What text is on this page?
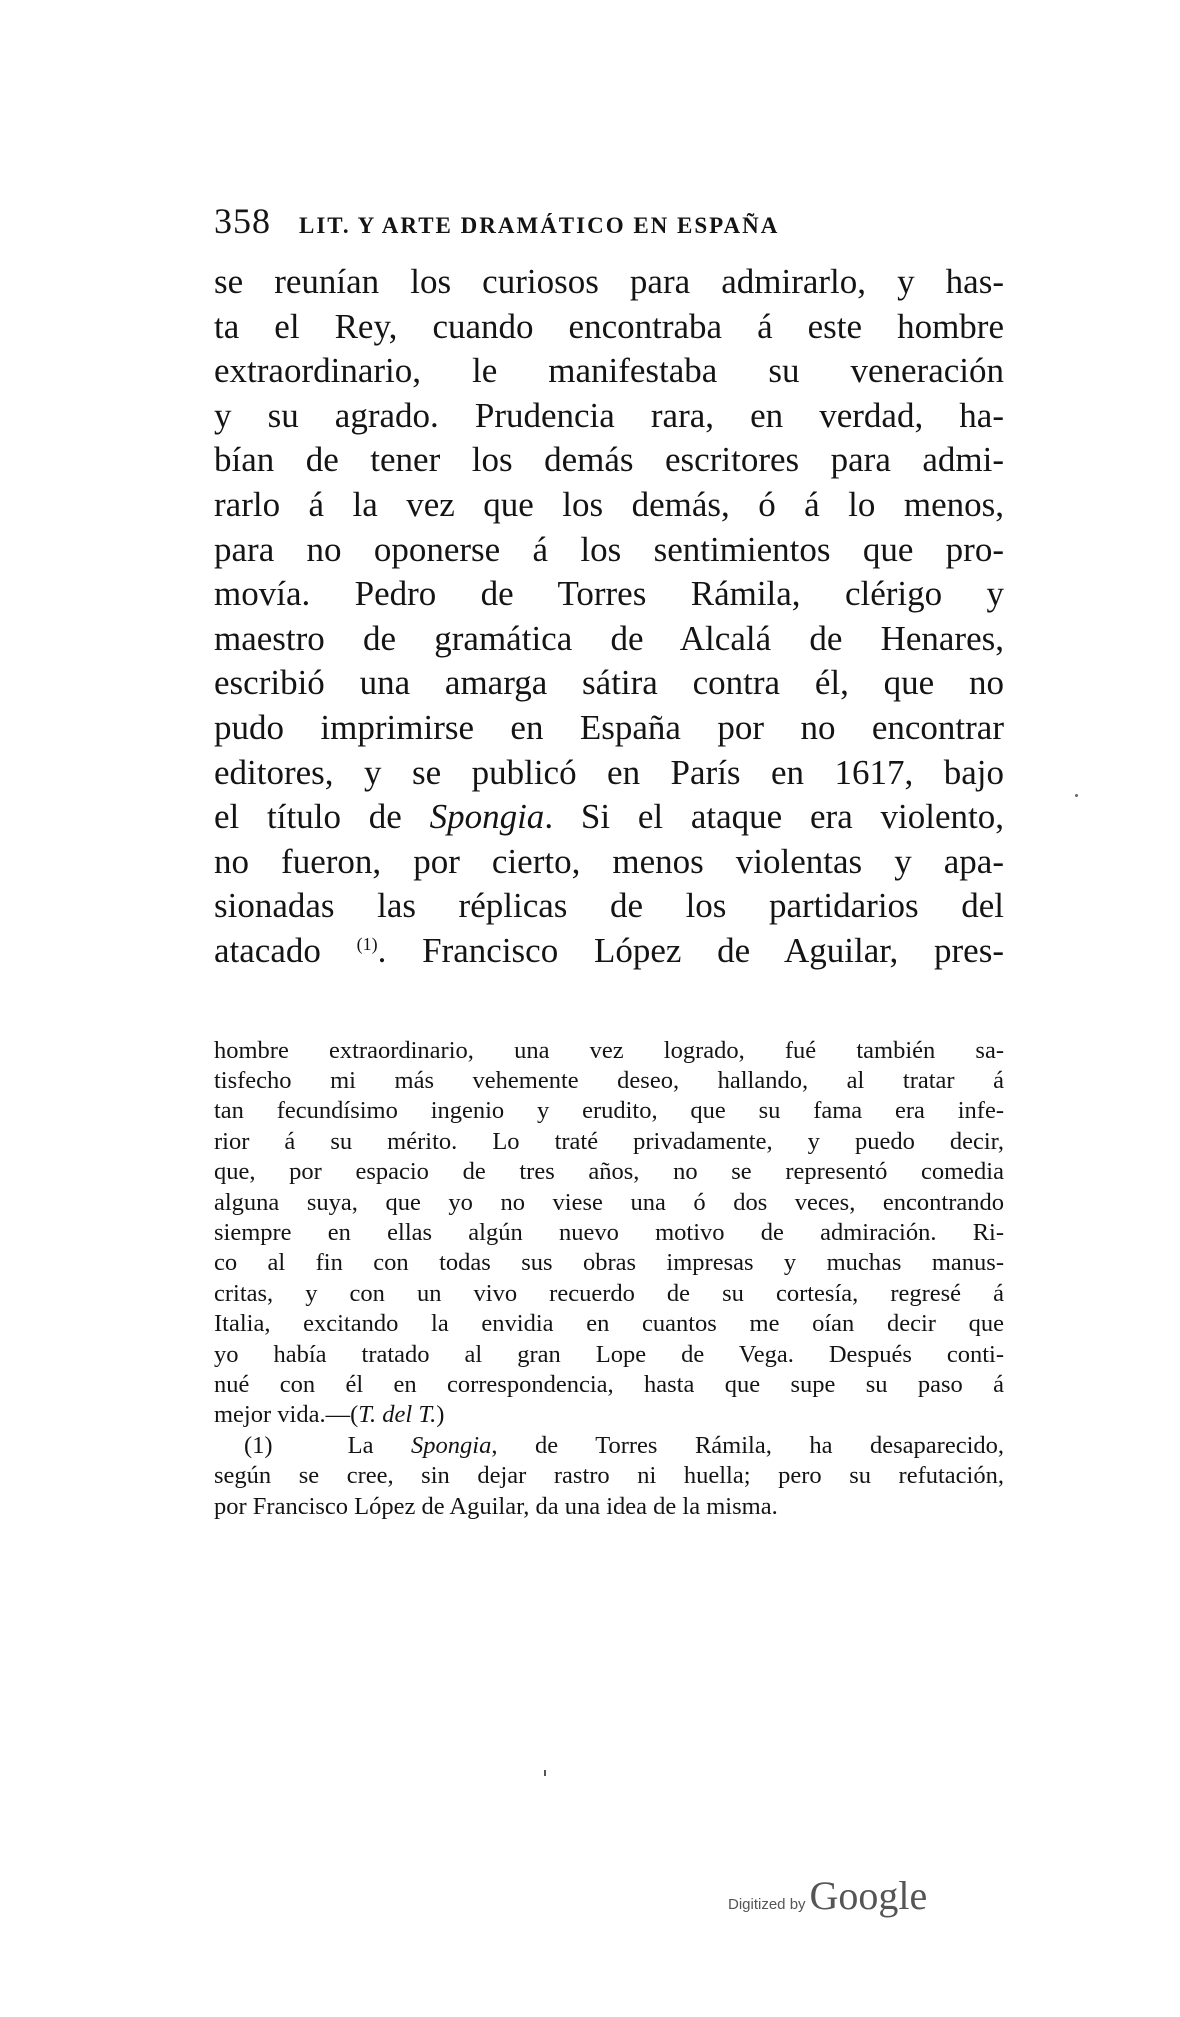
358 LIT. Y ARTE DRAMÁTICO EN ESPAÑA
se reunían los curiosos para admirarlo, y has-
ta el Rey, cuando encontraba á este hombre
extraordinario, le manifestaba su veneración
y su agrado. Prudencia rara, en verdad, ha-
bían de tener los demás escritores para admi-
rarlo á la vez que los demás, ó á lo menos,
para no oponerse á los sentimientos que pro-
movía. Pedro de Torres Rámila, clérigo y
maestro de gramática de Alcalá de Henares,
escribió una amarga sátira contra él, que no
pudo imprimirse en España por no encontrar
editores, y se publicó en París en 1617, bajo
el título de Spongia. Si el ataque era violento,
no fueron, por cierto, menos violentas y apa-
sionadas las réplicas de los partidarios del
atacado $^{(1)}$. Francisco López de Aguilar, pres-
hombre extraordinario, una vez logrado, fué también sa-
tisfecho mi más vehemente deseo, hallando, al tratar á
tan fecundísimo ingenio y erudito, que su fama era infe-
rior á su mérito. Lo traté privadamente, y puedo decir,
que, por espacio de tres años, no se representó comedia
alguna suya, que yo no viese una ó dos veces, encontrando
siempre en ellas algún nuevo motivo de admiración. Ri-
co al fin con todas sus obras impresas y muchas manus-
critas, y con un vivo recuerdo de su cortesía, regresé á
Italia, excitando la envidia en cuantos me oían decir que
yo había tratado al gran Lope de Vega. Después conti-
nué con él en correspondencia, hasta que supe su paso á
mejor vida.—(T. del T.)
(1)	La Spongia, de Torres Rámila, ha desaparecido,
según se cree, sin dejar rastro ni huella; pero su refutación,
por Francisco López de Aguilar, da una idea de la misma.
Digitized by Google
